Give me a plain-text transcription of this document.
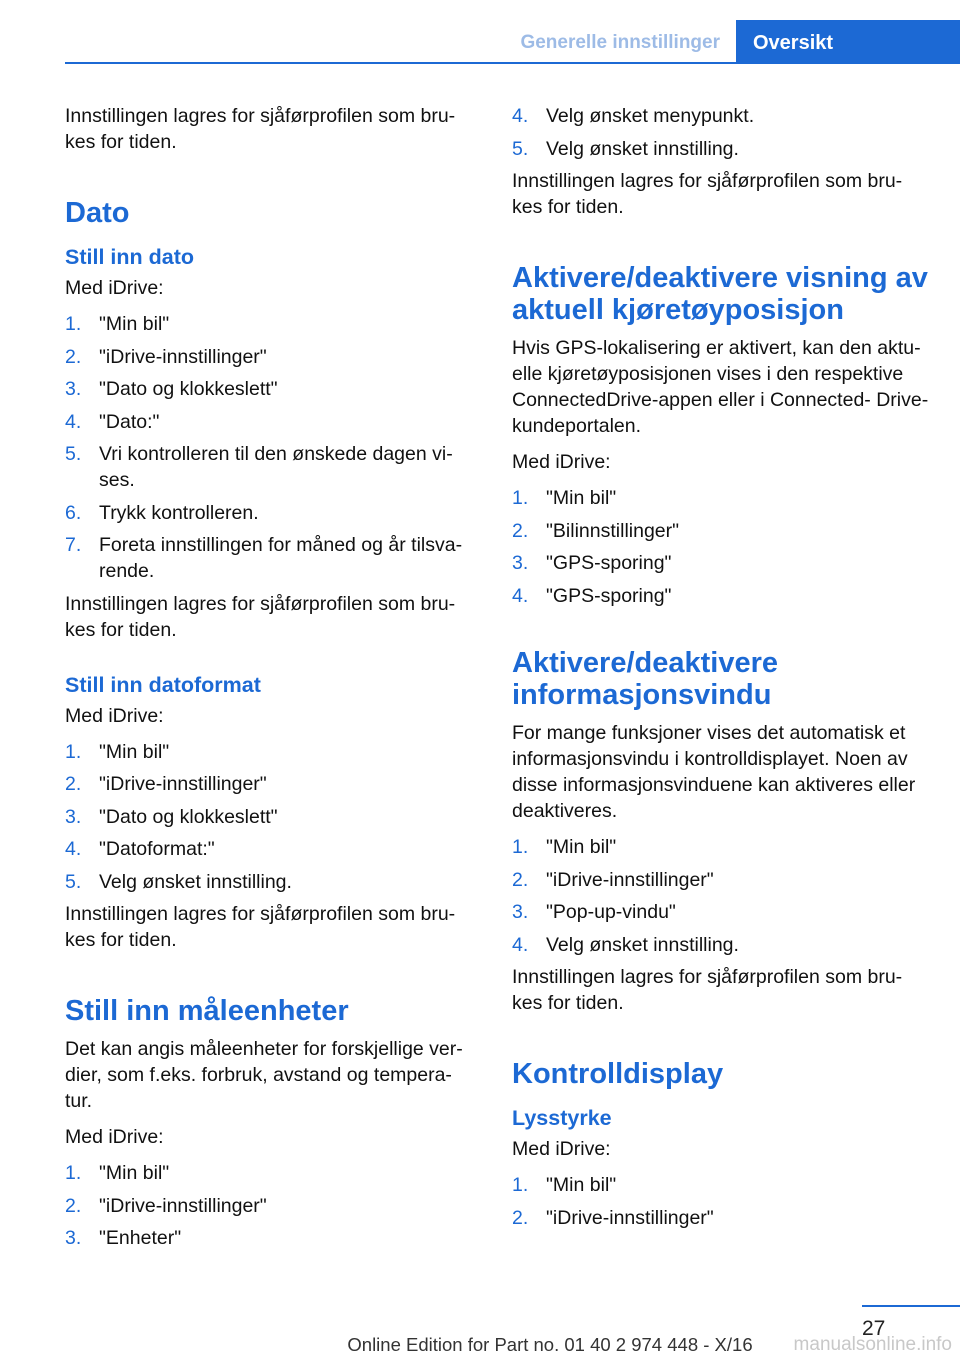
Generelle innstillinger Oversikt

Innstillingen lagres for sjåførprofilen som bru‐ kes for tiden.

Dato
Still inn dato

Med iDrive:

1. "Min bil"
2. "iDrive-innstillinger"
3. "Dato og klokkeslett"
4. "Dato:"
5. Vri kontrolleren til den ønskede dagen vi‐ ses.
6. Trykk kontrolleren.
7. Foreta innstillingen for måned og år tilsva‐ rende.

Innstillingen lagres for sjåførprofilen som bru‐ kes for tiden.

Still inn datoformat

Med iDrive:

1. "Min bil"
2. "iDrive-innstillinger"
3. "Dato og klokkeslett"
4. "Datoformat:"
5. Velg ønsket innstilling.

Innstillingen lagres for sjåførprofilen som bru‐ kes for tiden.

Still inn måleenheter

Det kan angis måleenheter for forskjellige ver‐ dier, som f.eks. forbruk, avstand og tempera‐ tur.

Med iDrive:

1. "Min bil"
2. "iDrive-innstillinger"
3. "Enheter"
4. Velg ønsket menypunkt.
5. Velg ønsket innstilling.

Innstillingen lagres for sjåførprofilen som bru‐ kes for tiden.

Aktivere/deaktivere visning av aktuell kjøretøyposisjon

Hvis GPS-lokalisering er aktivert, kan den aktu‐ elle kjøretøyposisjonen vises i den respektive ConnectedDrive-appen eller i Connected‐ Drive-kundeportalen.

Med iDrive:

1. "Min bil"
2. "Bilinnstillinger"
3. "GPS-sporing"
4. "GPS-sporing"
Aktivere/deaktivere informasjonsvindu

For mange funksjoner vises det automatisk et informasjonsvindu i kontrolldisplayet. Noen av disse informasjonsvinduene kan aktiveres eller deaktiveres.

1. "Min bil"
2. "iDrive-innstillinger"
3. "Pop-up-vindu"
4. Velg ønsket innstilling.

Innstillingen lagres for sjåførprofilen som bru‐ kes for tiden.

Kontrolldisplay
Lysstyrke

Med iDrive:

1. "Min bil"
2. "iDrive-innstillinger"
27
Online Edition for Part no. 01 40 2 974 448 - X/16	manualsonline.info
